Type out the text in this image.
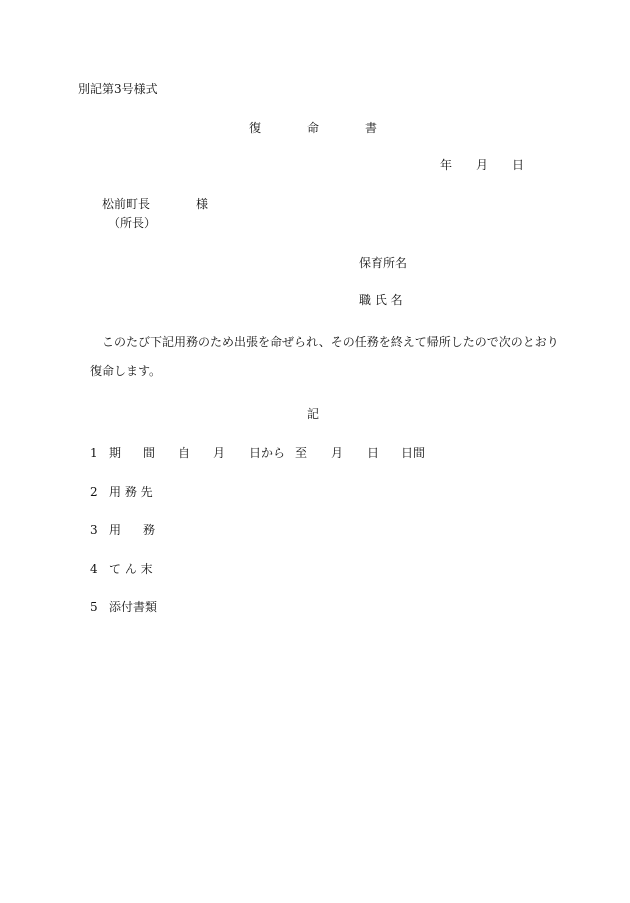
別記第3号様式
復	命	書
年 月 日
松前町長	様
（所長）
保育所名
職 氏 名
このたび下記用務のため出張を命ぜられ、その任務を終えて帰所したので次のとおり
復命します。
記
1 期 間 自 月 日から 至 月 日 日間
2 用 務 先
3 用 務
4 て ん 末
5 添付書類
